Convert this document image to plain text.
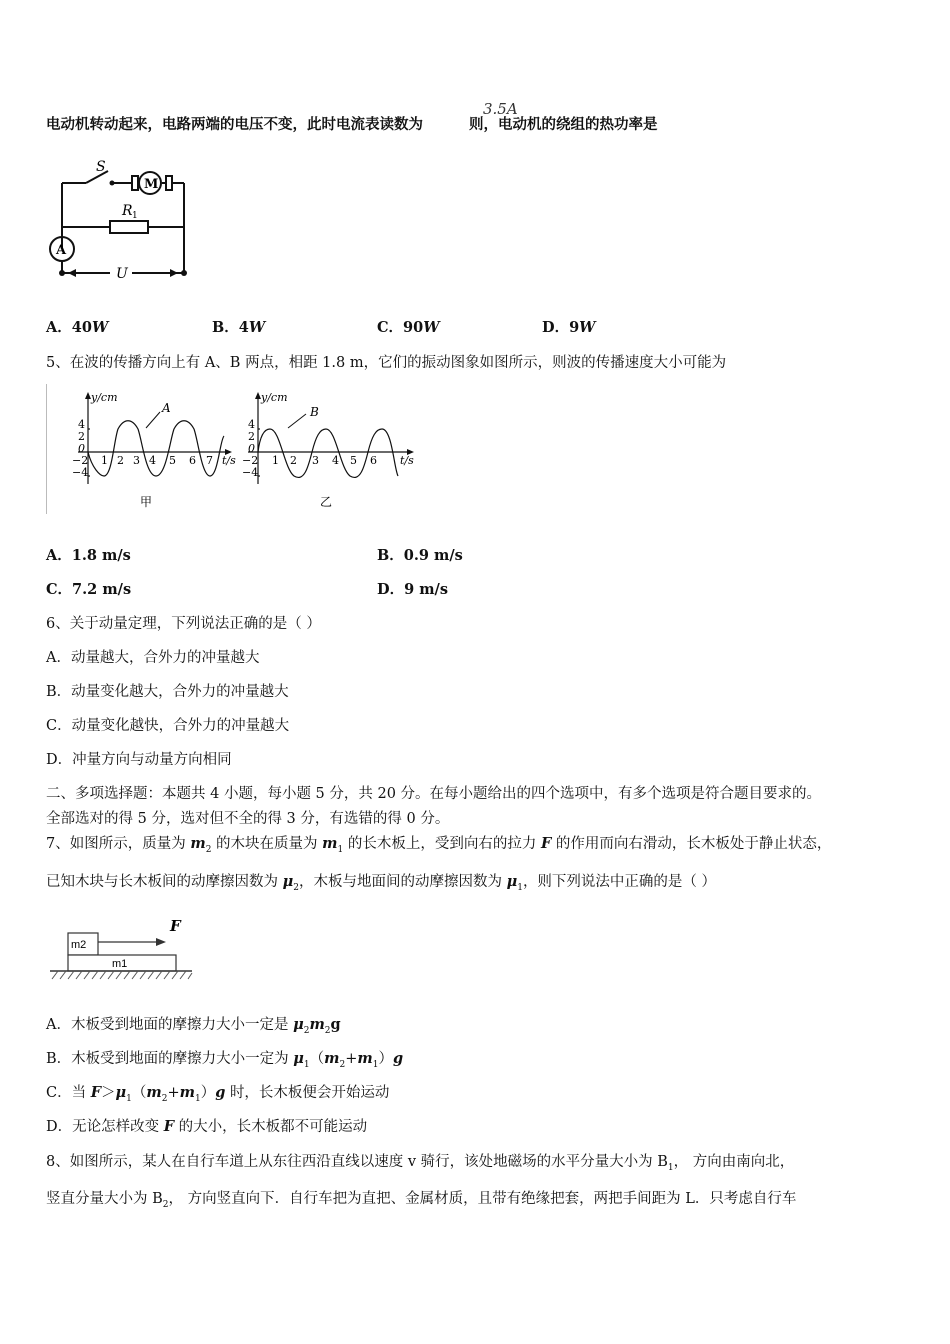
电动机转动起来，电路两端的电压不变，此时电流表读数为	则，电动机的绕组的热功率是
3.5A
S
M
R 1
A
U
A．40W	B．4W	C．90W	D．9W
5、在波的传播方向上有 A、B 两点，相距 1.8 m，它们的振动图象如图所示，则波的传播速度大小可能为
y/cm
A
t/s
4
2
0
−2
−4
1 2 3 4 5 6 7
甲
y/cm
B
t/s
4
2
0
−2
−4
1 2 3 4 5 6
乙
A．1.8 m/s	B．0.9 m/s
C．7.2 m/s	D．9 m/s
6、关于动量定理，下列说法正确的是（ ）
A．动量越大，合外力的冲量越大
B．动量变化越大，合外力的冲量越大
C．动量变化越快，合外力的冲量越大
D．冲量方向与动量方向相同
二、多项选择题：本题共 4 小题，每小题 5 分，共 20 分。在每小题给出的四个选项中，有多个选项是符合题目要求的。
全部选对的得 5 分，选对但不全的得 3 分，有选错的得 0 分。
7、如图所示，质量为 $m_2$ 的木块在质量为 $m_1$ 的长木板上，受到向右的拉力 F 的作用而向右滑动，长木板处于静止状态，
已知木块与长木板间的动摩擦因数为 $\mu_2$，木板与地面间的动摩擦因数为 $\mu_1$，则下列说法中正确的是（ ）
m2
m1
F
A．木板受到地面的摩擦力大小一定是 $\mu_2m_2g$
B．木板受到地面的摩擦力大小一定为 $\mu_1(m_2+m_1)g$
C．当 $F>\mu_1(m_2+m_1)g$ 时，长木板便会开始运动
D．无论怎样改变 F 的大小，长木板都不可能运动
8、如图所示，某人在自行车道上从东往西沿直线以速度 v 骑行，该处地磁场的水平分量大小为 $B_1$， 方向由南向北，
竖直分量大小为 $B_2$， 方向竖直向下．自行车把为直把、金属材质，且带有绝缘把套，两把手间距为 L．只考虑自行车
